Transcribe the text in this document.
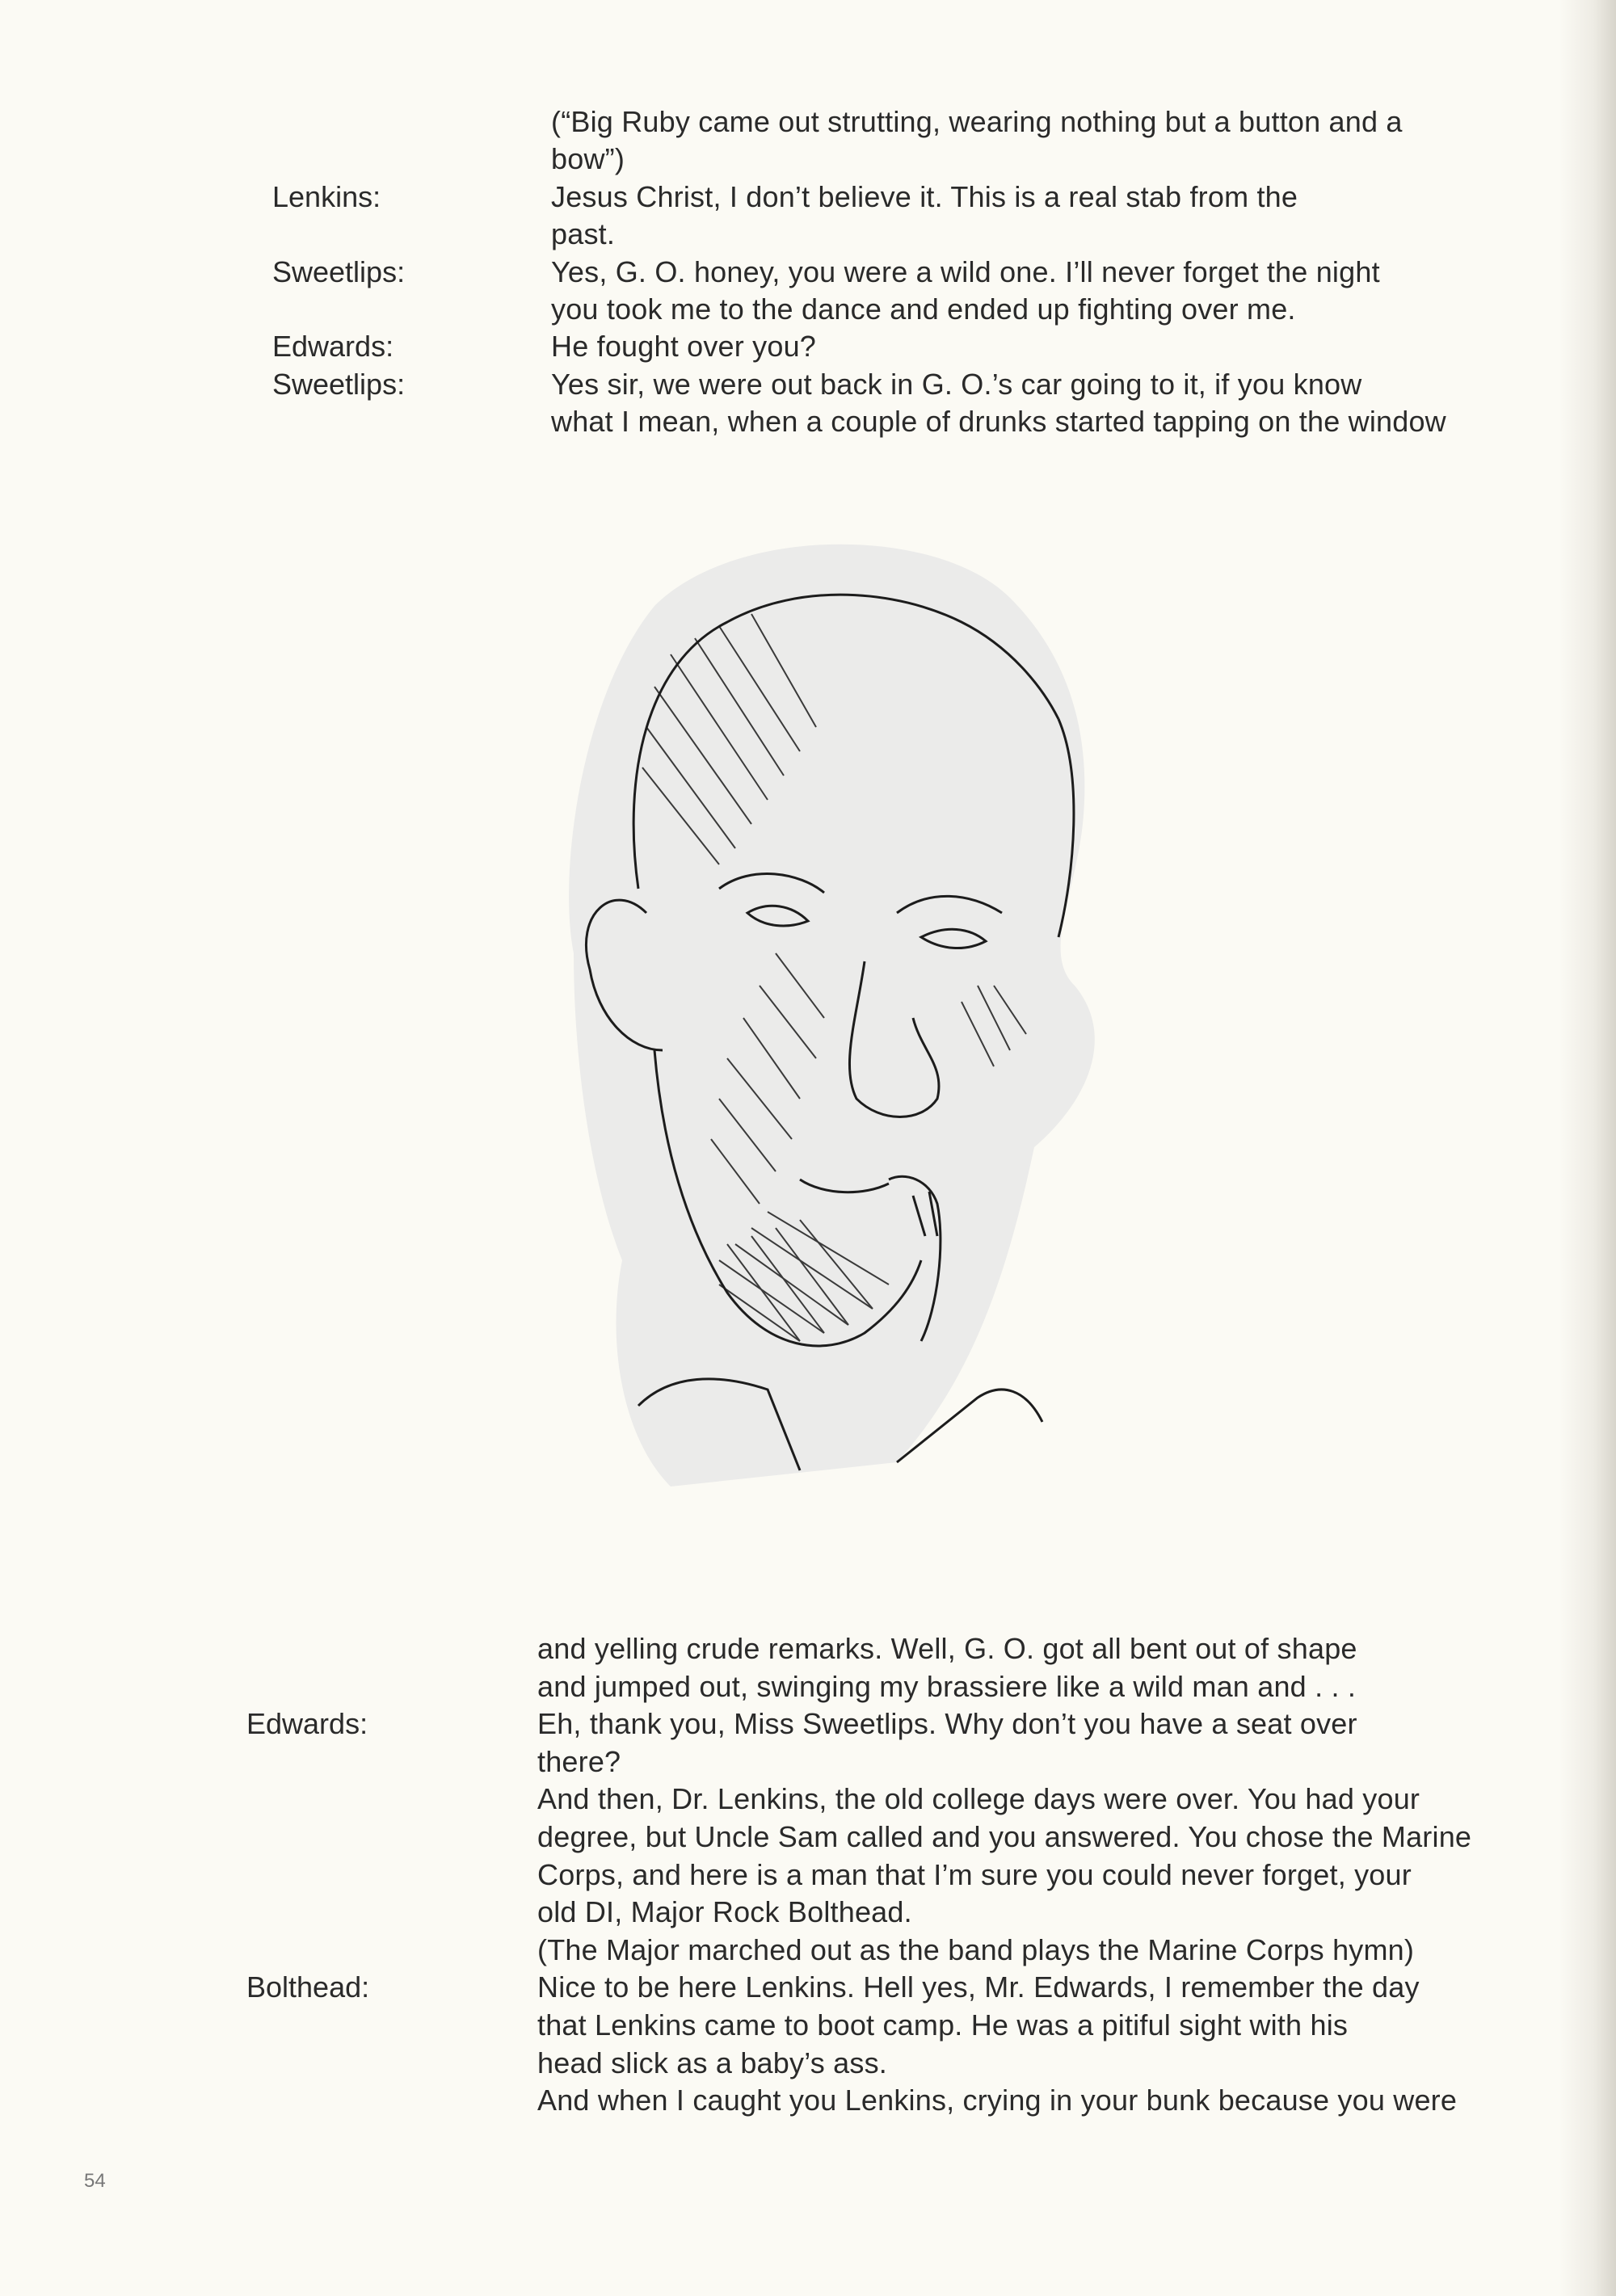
(“Big Ruby came out strutting, wearing nothing but a button and a
bow”)
Lenkins:	Jesus Christ, I don’t believe it. This is a real stab from the
past.
Sweetlips:	Yes, G. O. honey, you were a wild one. I’ll never forget the night
you took me to the dance and ended up fighting over me.
Edwards:	He fought over you?
Sweetlips:	Yes sir, we were out back in G. O.’s car going to it, if you know
what I mean, when a couple of drunks started tapping on the window
and yelling crude remarks. Well, G. O. got all bent out of shape
and jumped out, swinging my brassiere like a wild man and . . .
Edwards:	Eh, thank you, Miss Sweetlips. Why don’t you have a seat over
there?
And then, Dr. Lenkins, the old college days were over. You had your
degree, but Uncle Sam called and you answered. You chose the Marine
Corps, and here is a man that I’m sure you could never forget, your
old DI, Major Rock Bolthead.
(The Major marched out as the band plays the Marine Corps hymn)
Bolthead:	Nice to be here Lenkins. Hell yes, Mr. Edwards, I remember the day
that Lenkins came to boot camp. He was a pitiful sight with his
head slick as a baby’s ass.
And when I caught you Lenkins, crying in your bunk because you were
54
